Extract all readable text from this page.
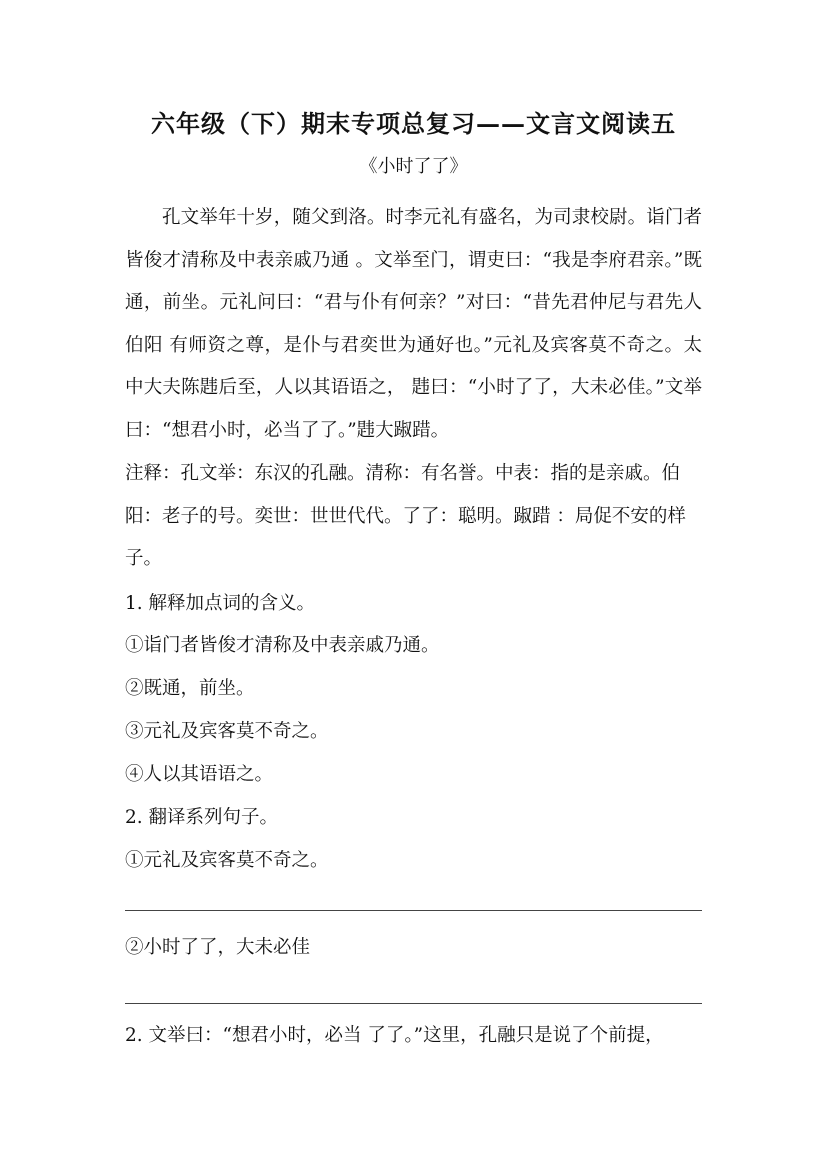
六年级（下）期末专项总复习——文言文阅读五
《小时了了》

孔文举年十岁，随父到洛。时李元礼有盛名，为司隶校尉。诣门者皆俊才清称及中表亲戚乃通 。文举至门，谓吏曰：“我是李府君亲。”既通，前坐。元礼问曰：“君与仆有何亲？”对曰：“昔先君仲尼与君先人伯阳 有师资之尊，是仆与君奕世为通好也。”元礼及宾客莫不奇之。太中大夫陈韪后至，人以其语语之， 韪曰：“小时了了，大未必佳。”文举曰：“想君小时，必当了了。”韪大踧踖。

注释：孔文举：东汉的孔融。清称：有名誉。中表：指的是亲戚。伯阳：老子的号。奕世：世世代代。了了：聪明。踧踖 ：局促不安的样子。

1. 解释加点词的含义。
①诣门者皆俊才清称及中表亲戚乃通。
②既通，前坐。
③元礼及宾客莫不奇之。
④人以其语语之。
2. 翻译系列句子。
①元礼及宾客莫不奇之。
②小时了了，大未必佳
2. 文举曰：“想君小时，必当 了了。”这里，孔融只是说了个前提，
